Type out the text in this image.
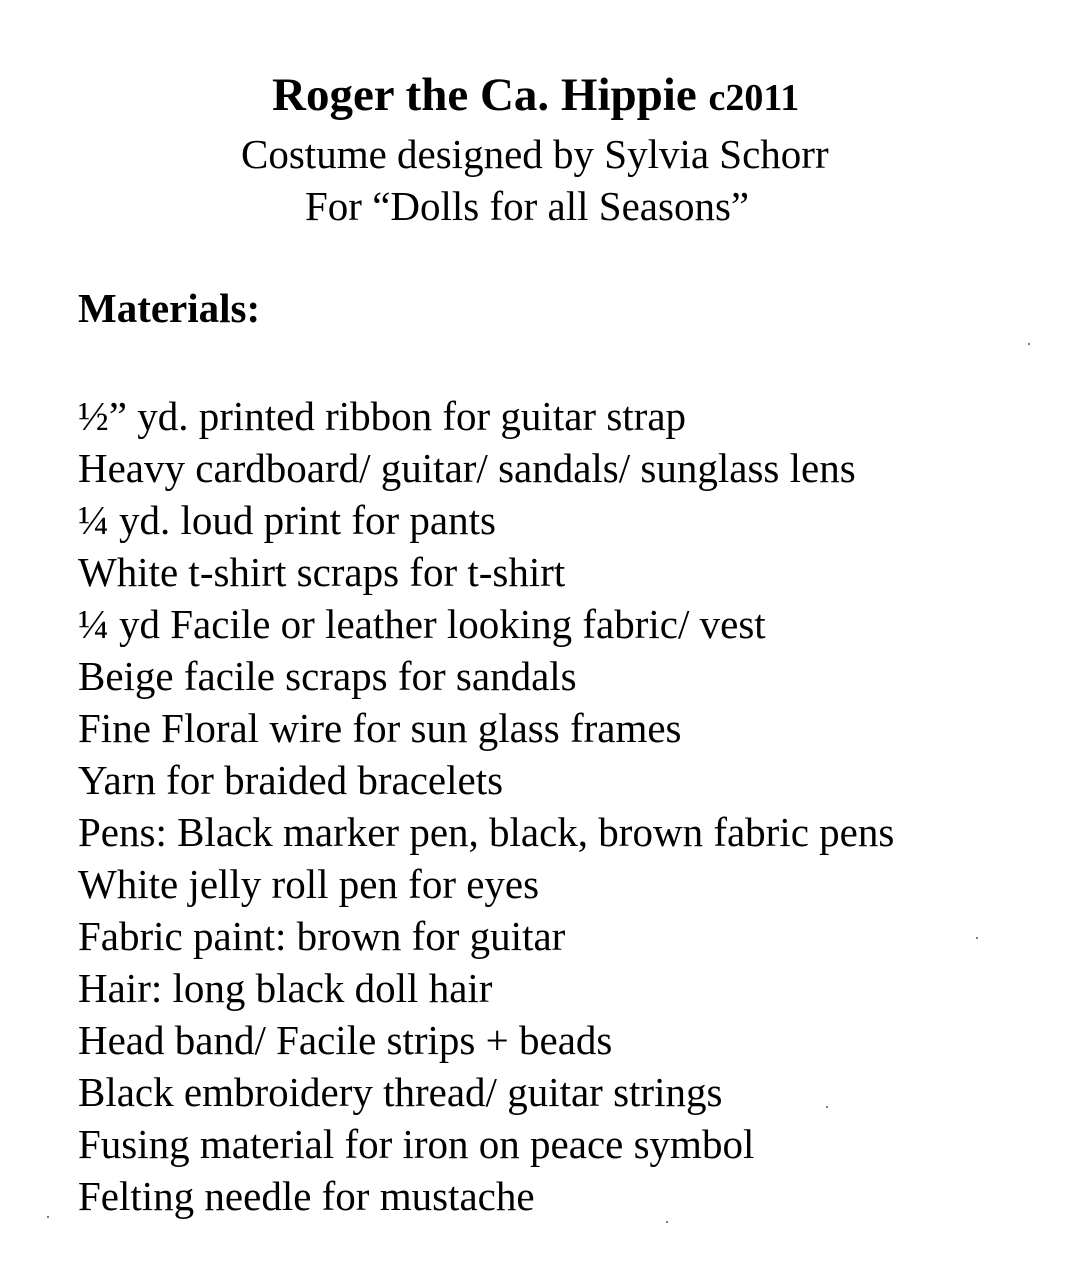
Roger the Ca. Hippie c2011
Costume designed by Sylvia Schorr
For “Dolls for all Seasons”
Materials:
½” yd. printed ribbon for guitar strap
Heavy cardboard/ guitar/ sandals/ sunglass lens
¼ yd. loud print for pants
White t-shirt scraps for t-shirt
¼ yd Facile or leather looking fabric/ vest
Beige facile scraps for sandals
Fine Floral wire for sun glass frames
Yarn for braided bracelets
Pens: Black marker pen, black, brown fabric pens
White jelly roll pen for eyes
Fabric paint: brown for guitar
Hair: long black doll hair
Head band/ Facile strips + beads
Black embroidery thread/ guitar strings
Fusing material for iron on peace symbol
Felting needle for mustache
